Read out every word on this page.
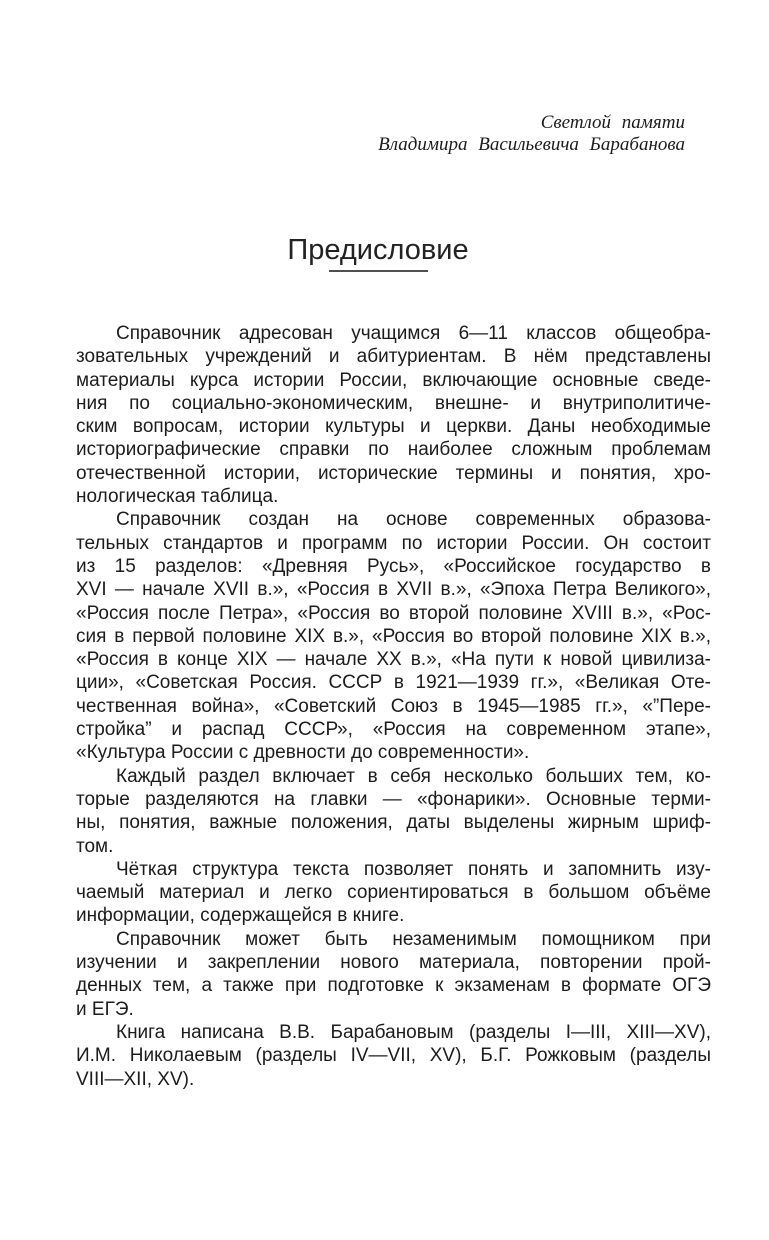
Светлой памяти
Владимира Васильевича Барабанова
Предисловие
Справочник адресован учащимся 6—11 классов общеобра-
зовательных учреждений и абитуриентам. В нём представлены
материалы курса истории России, включающие основные сведе-
ния по социально-экономическим, внешне- и внутриполитиче-
ским вопросам, истории культуры и церкви. Даны необходимые
историографические справки по наиболее сложным проблемам
отечественной истории, исторические термины и понятия, хро-
нологическая таблица.
Справочник создан на основе современных образова-
тельных стандартов и программ по истории России. Он состоит
из 15 разделов: «Древняя Русь», «Российское государство в
XVI — начале XVII в.», «Россия в XVII в.», «Эпоха Петра Великого»,
«Россия после Петра», «Россия во второй половине XVIII в.», «Рос-
сия в первой половине XIX в.», «Россия во второй половине XIX в.»,
«Россия в конце XIX — начале XX в.», «На пути к новой цивилиза-
ции», «Советская Россия. СССР в 1921—1939 гг.», «Великая Оте-
чественная война», «Советский Союз в 1945—1985 гг.», «”Пере-
стройка” и распад СССР», «Россия на современном этапе»,
«Культура России с древности до современности».
Каждый раздел включает в себя несколько больших тем, ко-
торые разделяются на главки — «фонарики». Основные терми-
ны, понятия, важные положения, даты выделены жирным шриф-
том.
Чёткая структура текста позволяет понять и запомнить изу-
чаемый материал и легко сориентироваться в большом объёме
информации, содержащейся в книге.
Справочник может быть незаменимым помощником при
изучении и закреплении нового материала, повторении прой-
денных тем, а также при подготовке к экзаменам в формате ОГЭ
и ЕГЭ.
Книга написана В.В. Барабановым (разделы I—III, XIII—XV),
И.М. Николаевым (разделы IV—VII, XV), Б.Г. Рожковым (разделы
VIII—XII, XV).
